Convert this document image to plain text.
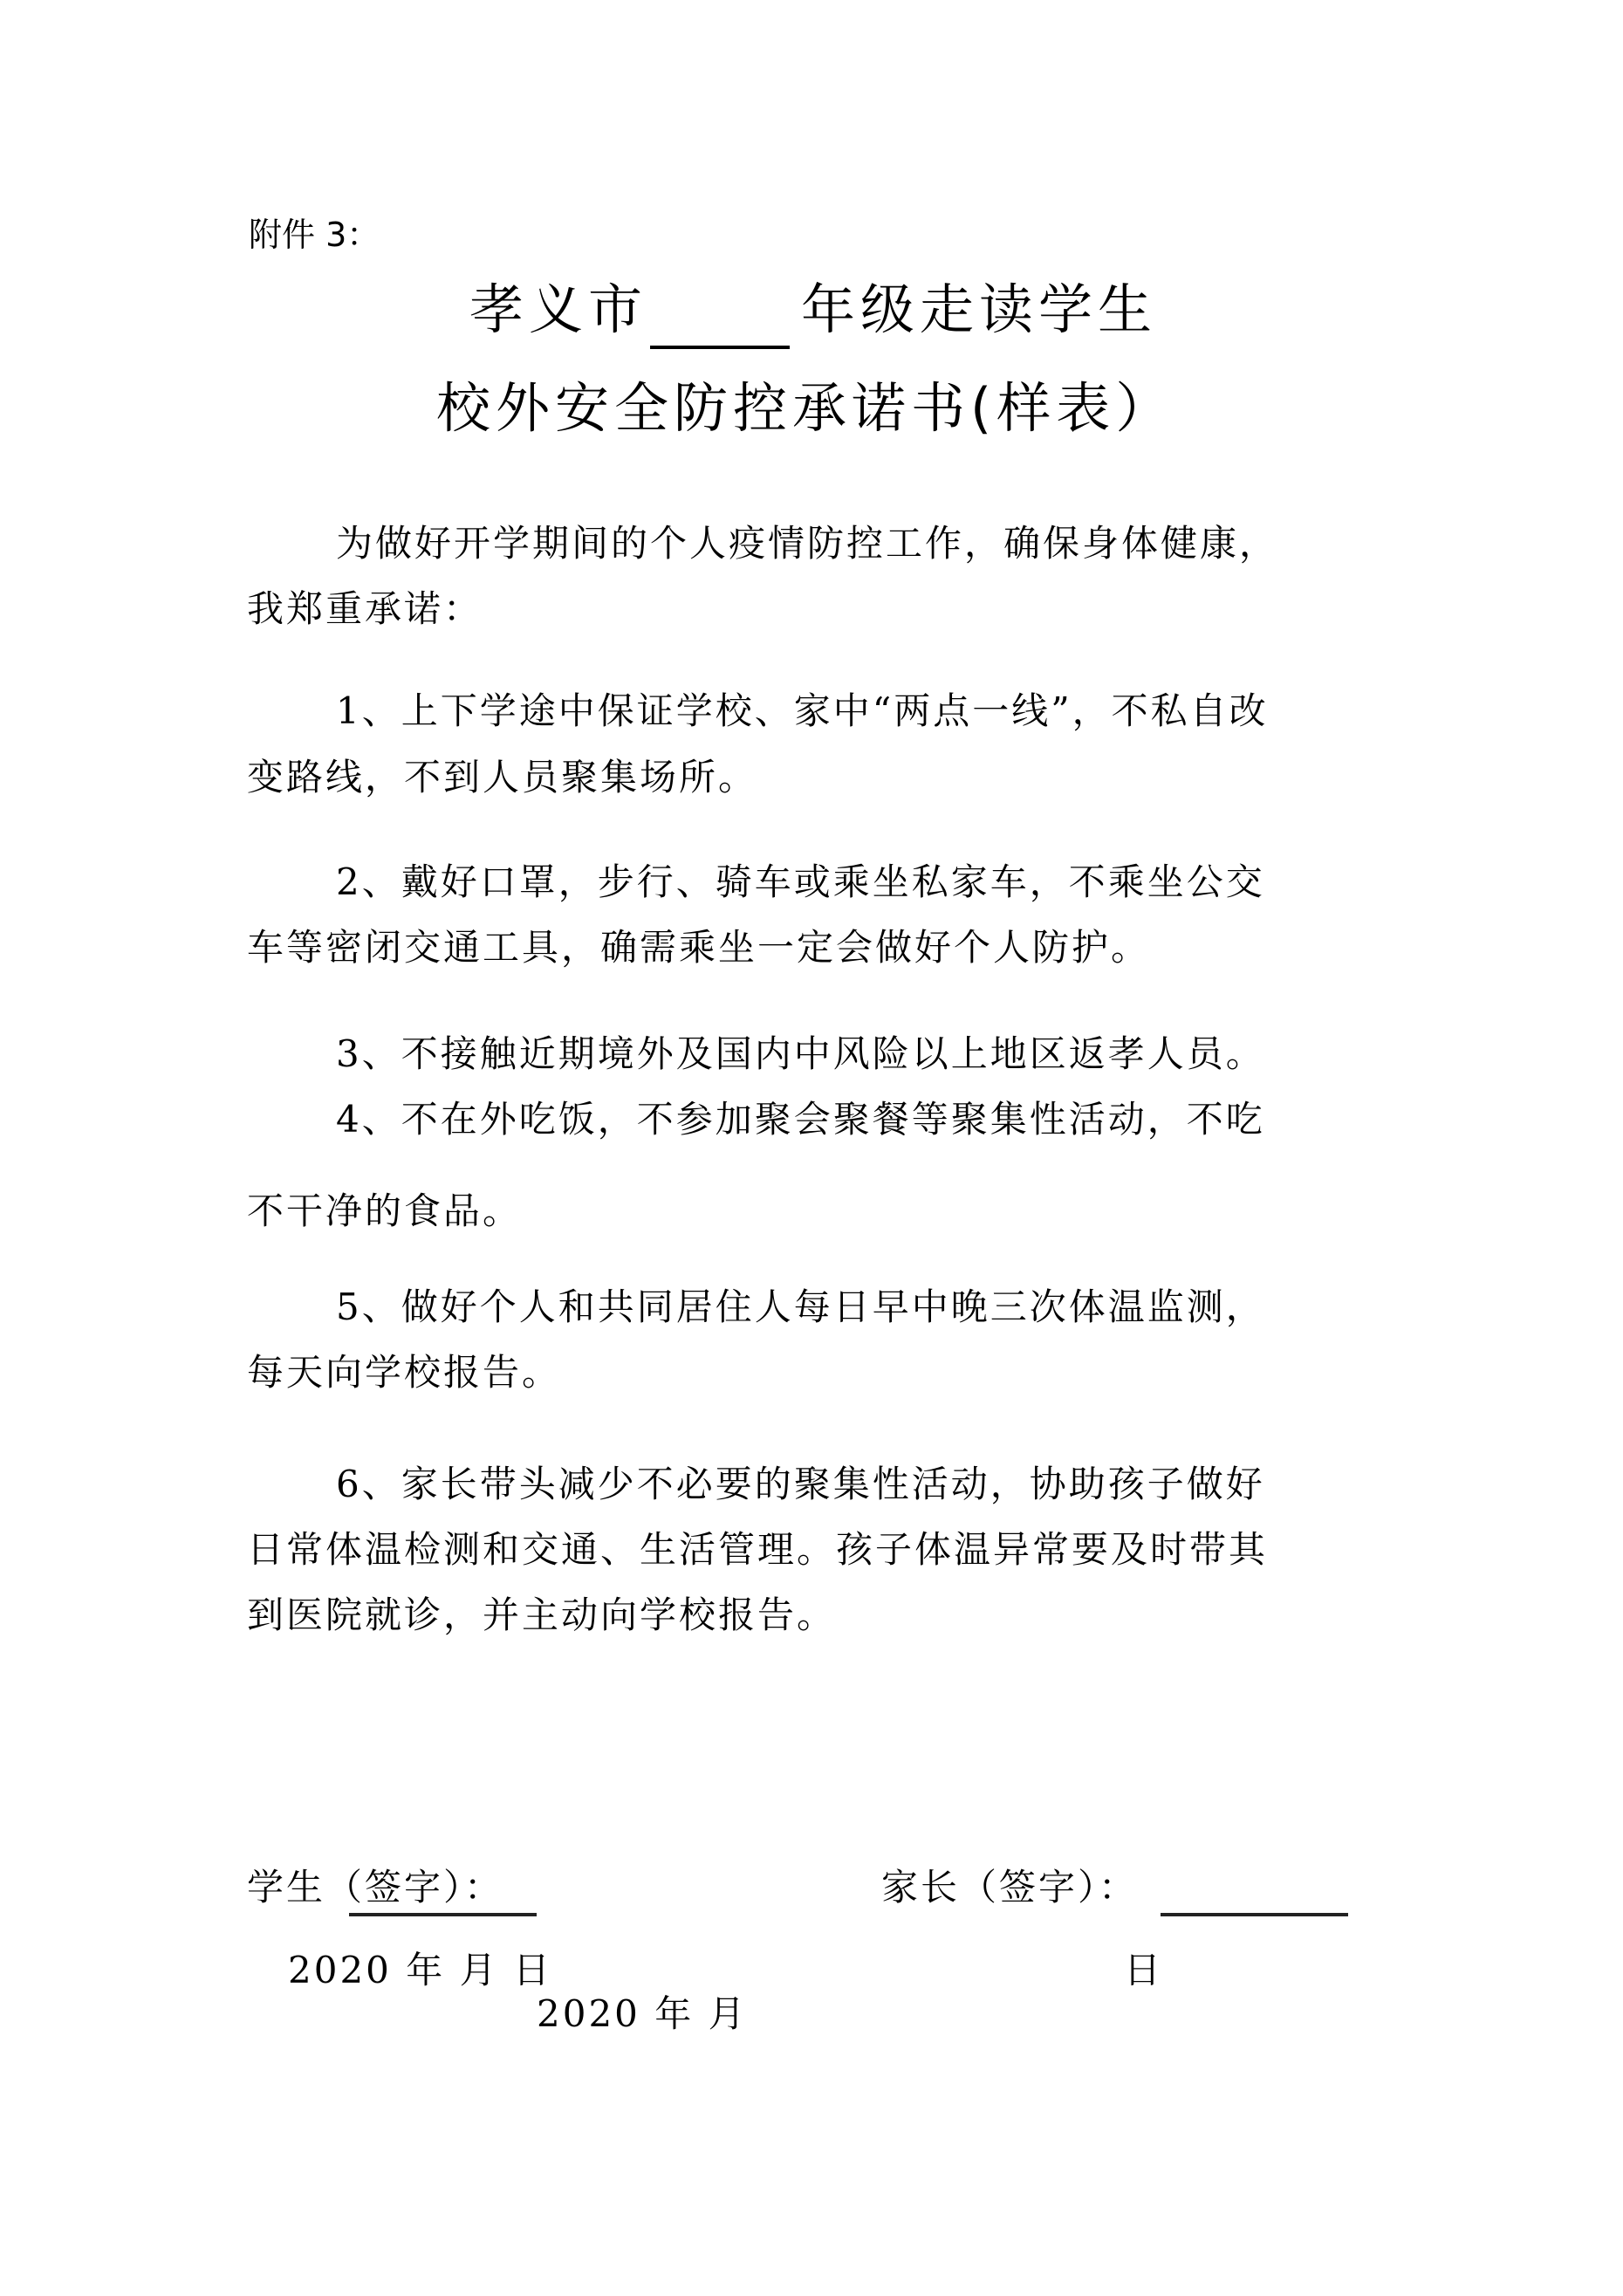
附件 3：
孝义市	年级走读学生
校外安全防控承诺书(样表）
为做好开学期间的个人疫情防控工作，确保身体健康，
我郑重承诺：
1、上下学途中保证学校、家中“两点一线”，不私自改
变路线，不到人员聚集场所。
2、戴好口罩，步行、骑车或乘坐私家车，不乘坐公交
车等密闭交通工具，确需乘坐一定会做好个人防护。
3、不接触近期境外及国内中风险以上地区返孝人员。
4、不在外吃饭，不参加聚会聚餐等聚集性活动，不吃
不干净的食品。
5、做好个人和共同居住人每日早中晚三次体温监测，
每天向学校报告。
6、家长带头减少不必要的聚集性活动，协助孩子做好
日常体温检测和交通、生活管理。孩子体温异常要及时带其
到医院就诊，并主动向学校报告。
学生（签字）：	家长（签字）：
2020 年 月 日	日
2020 年 月
